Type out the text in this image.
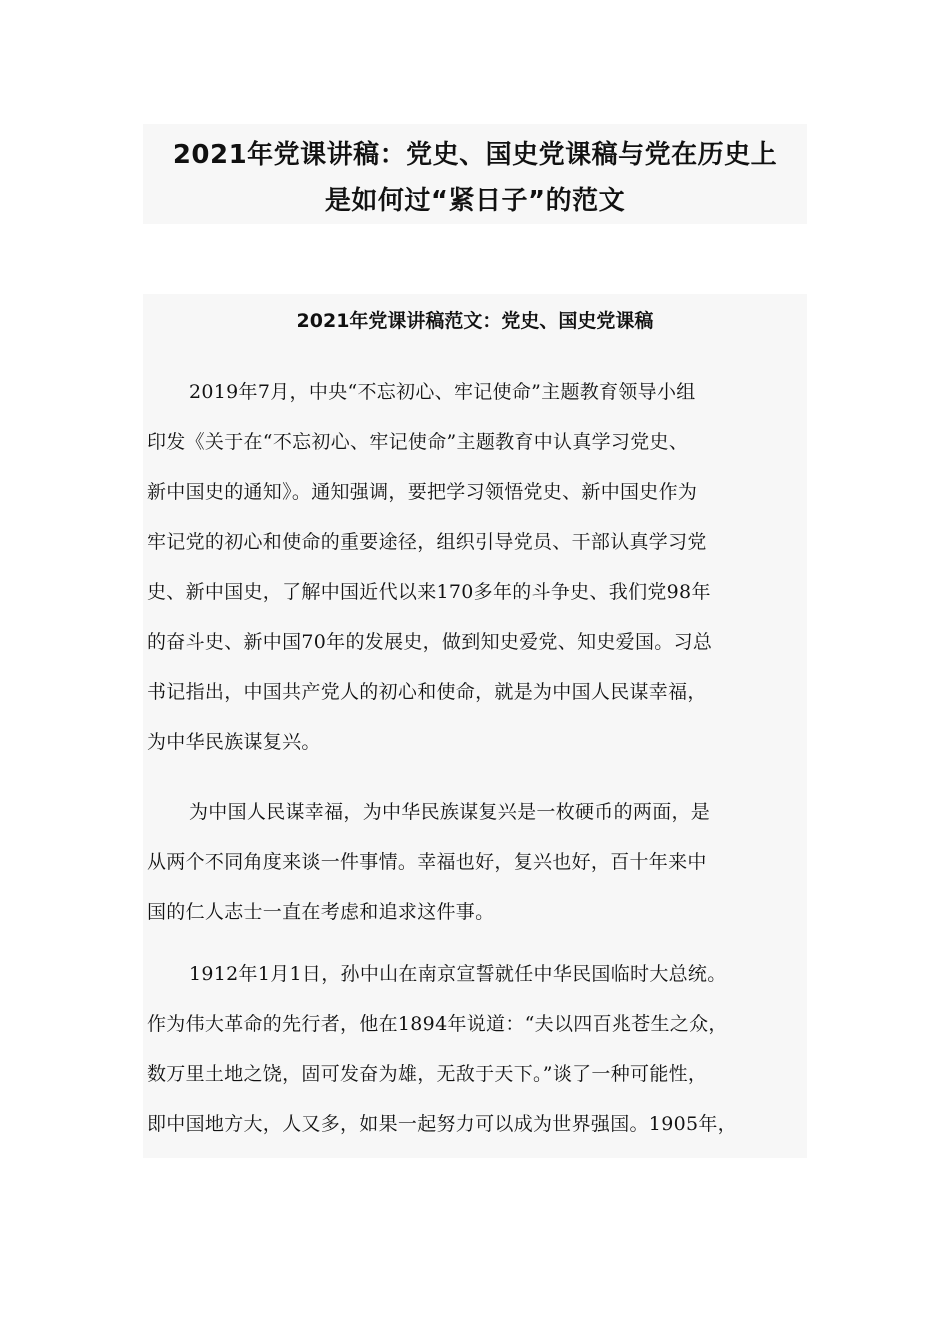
2021年党课讲稿：党史、国史党课稿与党在历史上
是如何过“紧日子”的范文
2021年党课讲稿范文：党史、国史党课稿
2019年7月，中央“不忘初心、牢记使命”主题教育领导小组
印发《关于在“不忘初心、牢记使命”主题教育中认真学习党史、
新中国史的通知》。通知强调，要把学习领悟党史、新中国史作为
牢记党的初心和使命的重要途径，组织引导党员、干部认真学习党
史、新中国史，了解中国近代以来170多年的斗争史、我们党98年
的奋斗史、新中国70年的发展史，做到知史爱党、知史爱国。习总
书记指出，中国共产党人的初心和使命，就是为中国人民谋幸福，
为中华民族谋复兴。
为中国人民谋幸福，为中华民族谋复兴是一枚硬币的两面，是
从两个不同角度来谈一件事情。幸福也好，复兴也好，百十年来中
国的仁人志士一直在考虑和追求这件事。
1912年1月1日，孙中山在南京宣誓就任中华民国临时大总统。
作为伟大革命的先行者，他在1894年说道：“夫以四百兆苍生之众，
数万里土地之饶，固可发奋为雄，无敌于天下。”谈了一种可能性，
即中国地方大，人又多，如果一起努力可以成为世界强国。1905年，
